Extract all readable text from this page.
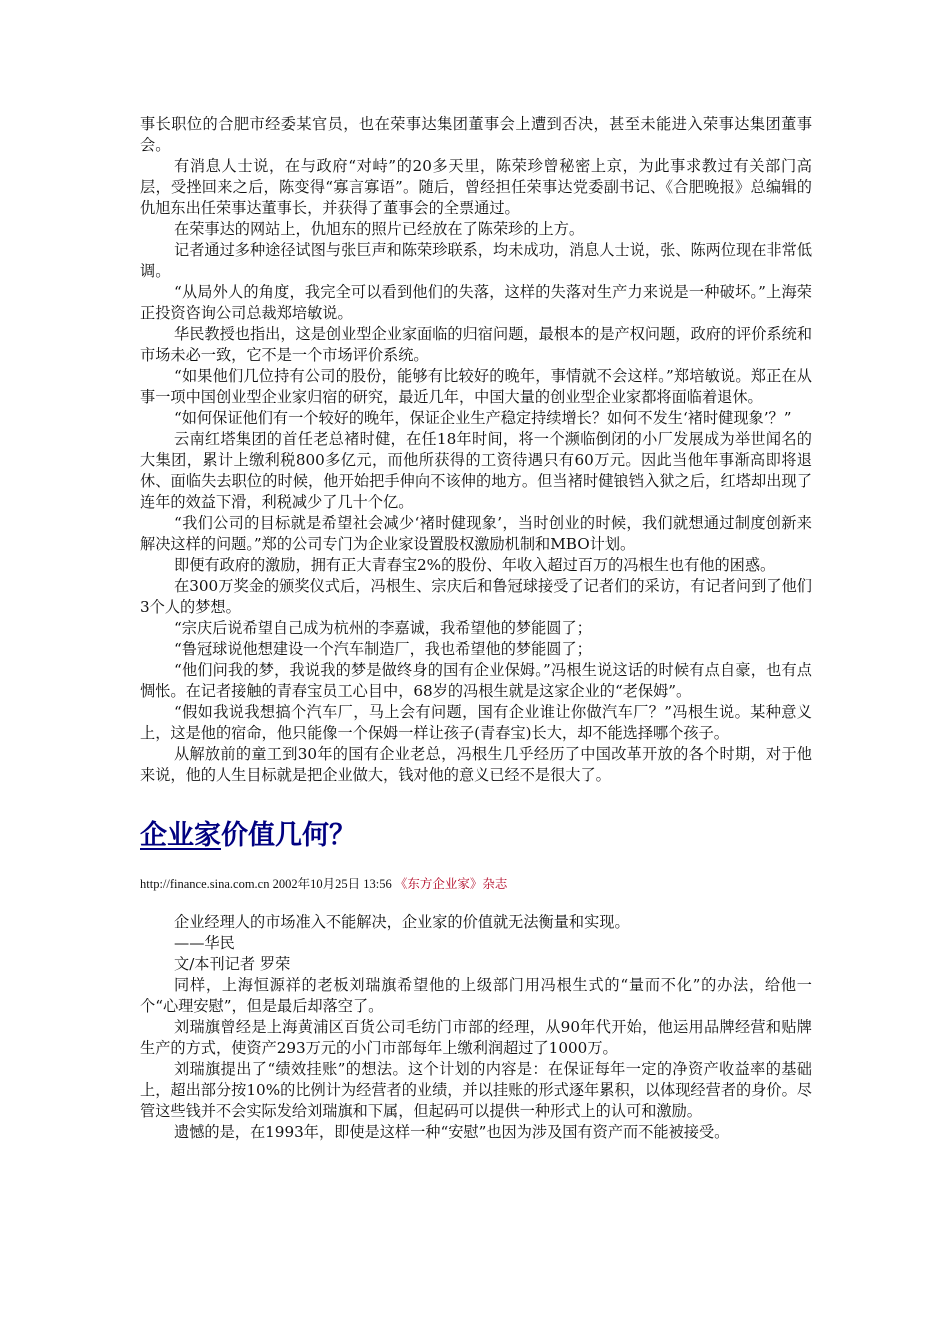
事长职位的合肥市经委某官员，也在荣事达集团董事会上遭到否决，甚至未能进入荣事达集团董事会。

有消息人士说，在与政府“对峙”的20多天里，陈荣珍曾秘密上京，为此事求教过有关部门高层，受挫回来之后，陈变得“寡言寡语”。随后，曾经担任荣事达党委副书记、《合肥晚报》总编辑的仇旭东出任荣事达董事长，并获得了董事会的全票通过。

在荣事达的网站上，仇旭东的照片已经放在了陈荣珍的上方。

记者通过多种途径试图与张巨声和陈荣珍联系，均未成功，消息人士说，张、陈两位现在非常低调。

“从局外人的角度，我完全可以看到他们的失落，这样的失落对生产力来说是一种破坏。”上海荣正投资咨询公司总裁郑培敏说。

华民教授也指出，这是创业型企业家面临的归宿问题，最根本的是产权问题，政府的评价系统和市场未必一致，它不是一个市场评价系统。

“如果他们几位持有公司的股份，能够有比较好的晚年，事情就不会这样。”郑培敏说。郑正在从事一项中国创业型企业家归宿的研究，最近几年，中国大量的创业型企业家都将面临着退休。

“如何保证他们有一个较好的晚年，保证企业生产稳定持续增长？如何不发生‘褚时健现象’？”

云南红塔集团的首任老总褚时健，在任18年时间，将一个濒临倒闭的小厂发展成为举世闻名的大集团，累计上缴利税800多亿元，而他所获得的工资待遇只有60万元。因此当他年事渐高即将退休、面临失去职位的时候，他开始把手伸向不该伸的地方。但当褚时健锒铛入狱之后，红塔却出现了连年的效益下滑，利税减少了几十个亿。

“我们公司的目标就是希望社会减少‘褚时健现象’，当时创业的时候，我们就想通过制度创新来解决这样的问题。”郑的公司专门为企业家设置股权激励机制和MBO计划。

即便有政府的激励，拥有正大青春宝2%的股份、年收入超过百万的冯根生也有他的困惑。

在300万奖金的颁奖仪式后，冯根生、宗庆后和鲁冠球接受了记者们的采访，有记者问到了他们3个人的梦想。

“宗庆后说希望自己成为杭州的李嘉诚，我希望他的梦能圆了；

“鲁冠球说他想建设一个汽车制造厂，我也希望他的梦能圆了；

“他们问我的梦，我说我的梦是做终身的国有企业保姆。”冯根生说这话的时候有点自豪，也有点惆怅。在记者接触的青春宝员工心目中，68岁的冯根生就是这家企业的“老保姆”。

“假如我说我想搞个汽车厂，马上会有问题，国有企业谁让你做汽车厂？”冯根生说。某种意义上，这是他的宿命，他只能像一个保姆一样让孩子(青春宝)长大，却不能选择哪个孩子。

从解放前的童工到30年的国有企业老总，冯根生几乎经历了中国改革开放的各个时期，对于他来说，他的人生目标就是把企业做大，钱对他的意义已经不是很大了。

企业家价值几何？
http://finance.sina.com.cn 2002年10月25日 13:56 《东方企业家》杂志

企业经理人的市场准入不能解决，企业家的价值就无法衡量和实现。

——华民

文/本刊记者 罗荣

同样，上海恒源祥的老板刘瑞旗希望他的上级部门用冯根生式的“量而不化”的办法，给他一个“心理安慰”，但是最后却落空了。

刘瑞旗曾经是上海黄浦区百货公司毛纺门市部的经理，从90年代开始，他运用品牌经营和贴牌生产的方式，使资产293万元的小门市部每年上缴利润超过了1000万。

刘瑞旗提出了“绩效挂账”的想法。这个计划的内容是：在保证每年一定的净资产收益率的基础上，超出部分按10%的比例计为经营者的业绩，并以挂账的形式逐年累积，以体现经营者的身价。尽管这些钱并不会实际发给刘瑞旗和下属，但起码可以提供一种形式上的认可和激励。

遗憾的是，在1993年，即使是这样一种“安慰”也因为涉及国有资产而不能被接受。
